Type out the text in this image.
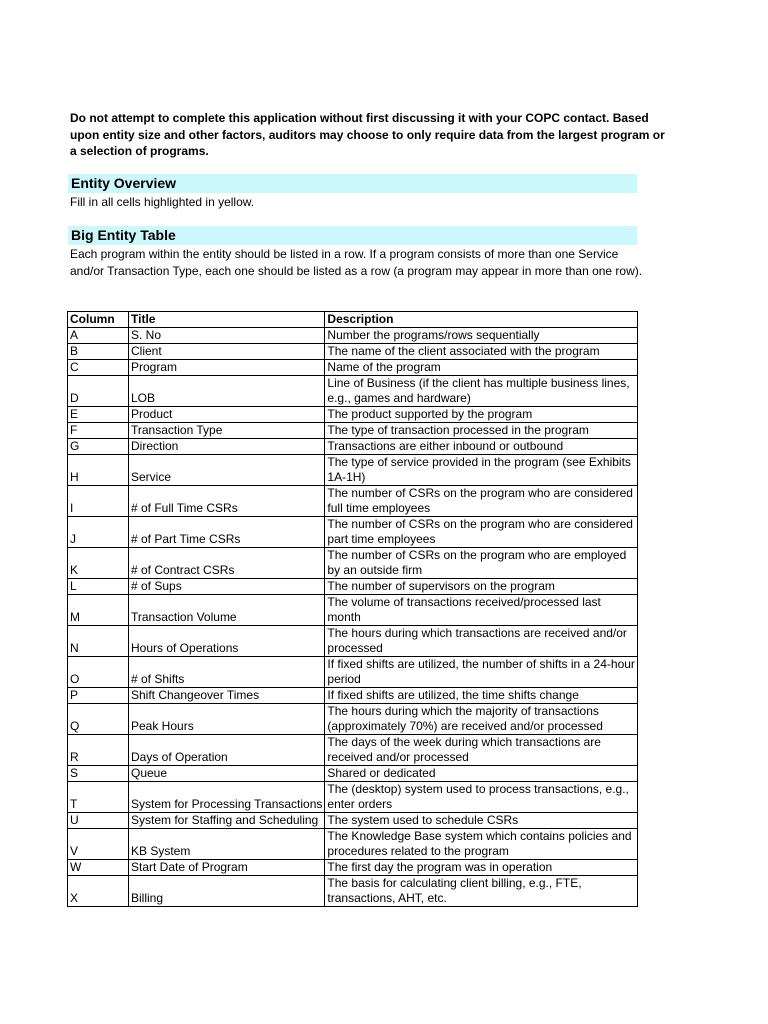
Do not attempt to complete this application without first discussing it with your COPC contact. Based upon entity size and other factors, auditors may choose to only require data from the largest program or a selection of programs.
Entity Overview
Fill in all cells highlighted in yellow.
Big Entity Table
Each program within the entity should be listed in a row. If a program consists of more than one Service and/or Transaction Type, each one should be listed as a row (a program may appear in more than one row).
Column	Title	Description
A	S. No	Number the programs/rows sequentially
B	Client	The name of the client associated with the program
C	Program	Name of the program
D	LOB	Line of Business (if the client has multiple business lines, e.g., games and hardware)
E	Product	The product supported by the program
F	Transaction Type	The type of transaction processed in the program
G	Direction	Transactions are either inbound or outbound
H	Service	The type of service provided in the program (see Exhibits 1A-1H)
I	# of Full Time CSRs	The number of CSRs on the program who are considered full time employees
J	# of Part Time CSRs	The number of CSRs on the program who are considered part time employees
K	# of Contract CSRs	The number of CSRs on the program who are employed by an outside firm
L	# of Sups	The number of supervisors on the program
M	Transaction Volume	The volume of transactions received/processed last month
N	Hours of Operations	The hours during which transactions are received and/or processed
O	# of Shifts	If fixed shifts are utilized, the number of shifts in a 24-hour period
P	Shift Changeover Times	If fixed shifts are utilized, the time shifts change
Q	Peak Hours	The hours during which the majority of transactions (approximately 70%) are received and/or processed
R	Days of Operation	The days of the week during which transactions are received and/or processed
S	Queue	Shared or dedicated
T	System for Processing Transactions	The (desktop) system used to process transactions, e.g., enter orders
U	System for Staffing and Scheduling	The system used to schedule CSRs
V	KB System	The Knowledge Base system which contains policies and procedures related to the program
W	Start Date of Program	The first day the program was in operation
X	Billing	The basis for calculating client billing, e.g., FTE, transactions, AHT, etc.
